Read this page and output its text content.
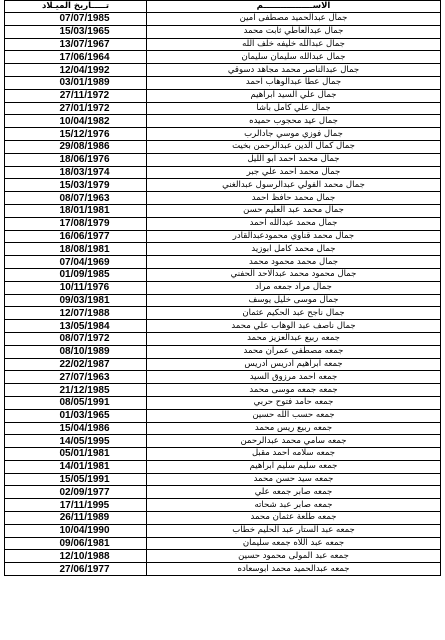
الاســـــــــــــــــم	تـــــاريخ الميـلاد
جمال عبدالحميد مصطفى امين	07/07/1985
جمال عبدالعاطي ثابت محمد	15/03/1965
جمال عبدالله خليفه خلف الله	13/07/1967
جمال عبدالله سليمان سليمان	17/06/1964
جمال عبدالناصر محمد مجاهد دسوقي	12/04/1992
جمال عطا عبدالوهاب احمد	03/01/1989
جمال علي السيد ابراهيم	27/11/1972
جمال علي كامل باشا	27/01/1972
جمال عيد محجوب حميده	10/04/1982
جمال فوزي موسي جادالرب	15/12/1976
جمال كمال الدين عبدالرحمن بخيت	29/08/1986
جمال محمد احمد ابو الليل	18/06/1976
جمال محمد احمد علي جبر	18/03/1974
جمال محمد الفولي عبدالرسول عبدالغني	15/03/1979
جمال محمد حافظ احمد	08/07/1963
جمال محمد عبد العليم حسن	18/01/1981
جمال محمد عبدالله احمد	17/08/1979
جمال محمد قناوي محمودعبدالقادر	16/06/1977
جمال محمد كامل ابوزيد	18/08/1981
جمال محمد محمود محمد	07/04/1969
جمال محمود محمد عبدالاحد الحفني	01/09/1985
جمال مراد جمعه مراد	10/11/1976
جمال موسى خليل يوسف	09/03/1981
جمال ناجح عبد الحكيم عثمان	12/07/1988
جمال ناصف عبد الوهاب علي محمد	13/05/1984
جمعه ربيع عبدالعزيز محمد	08/07/1972
جمعه مصطفى عمران محمد	08/10/1989
جمعه ابراهيم ادريس ادريس	22/02/1987
جمعه احمد مرزوق السيد	27/07/1963
جمعه جمعه موسى محمد	21/12/1985
جمعه حامد فتوح حربي	08/05/1991
جمعه حسب الله حسين	01/03/1965
جمعه ربيع ريس محمد	15/04/1986
جمعه سامي محمد عبدالرحمن	14/05/1995
جمعه سلامه احمد مقبل	05/01/1981
جمعه سليم سليم ابراهيم	14/01/1981
جمعه سيد حسن محمد	15/05/1991
جمعه صابر جمعه علي	02/09/1977
جمعه صابر عبد شحاته	17/11/1995
جمعه طلعة عثمان محمد	26/11/1989
جمعه عبد الستار عبد الحليم خطاب	10/04/1990
جمعه عبد اللاه جمعه سليمان	09/06/1981
جمعه عبد المولى محمود حسين	12/10/1988
جمعه عبدالحميد محمد ابوسعاده	27/06/1977
